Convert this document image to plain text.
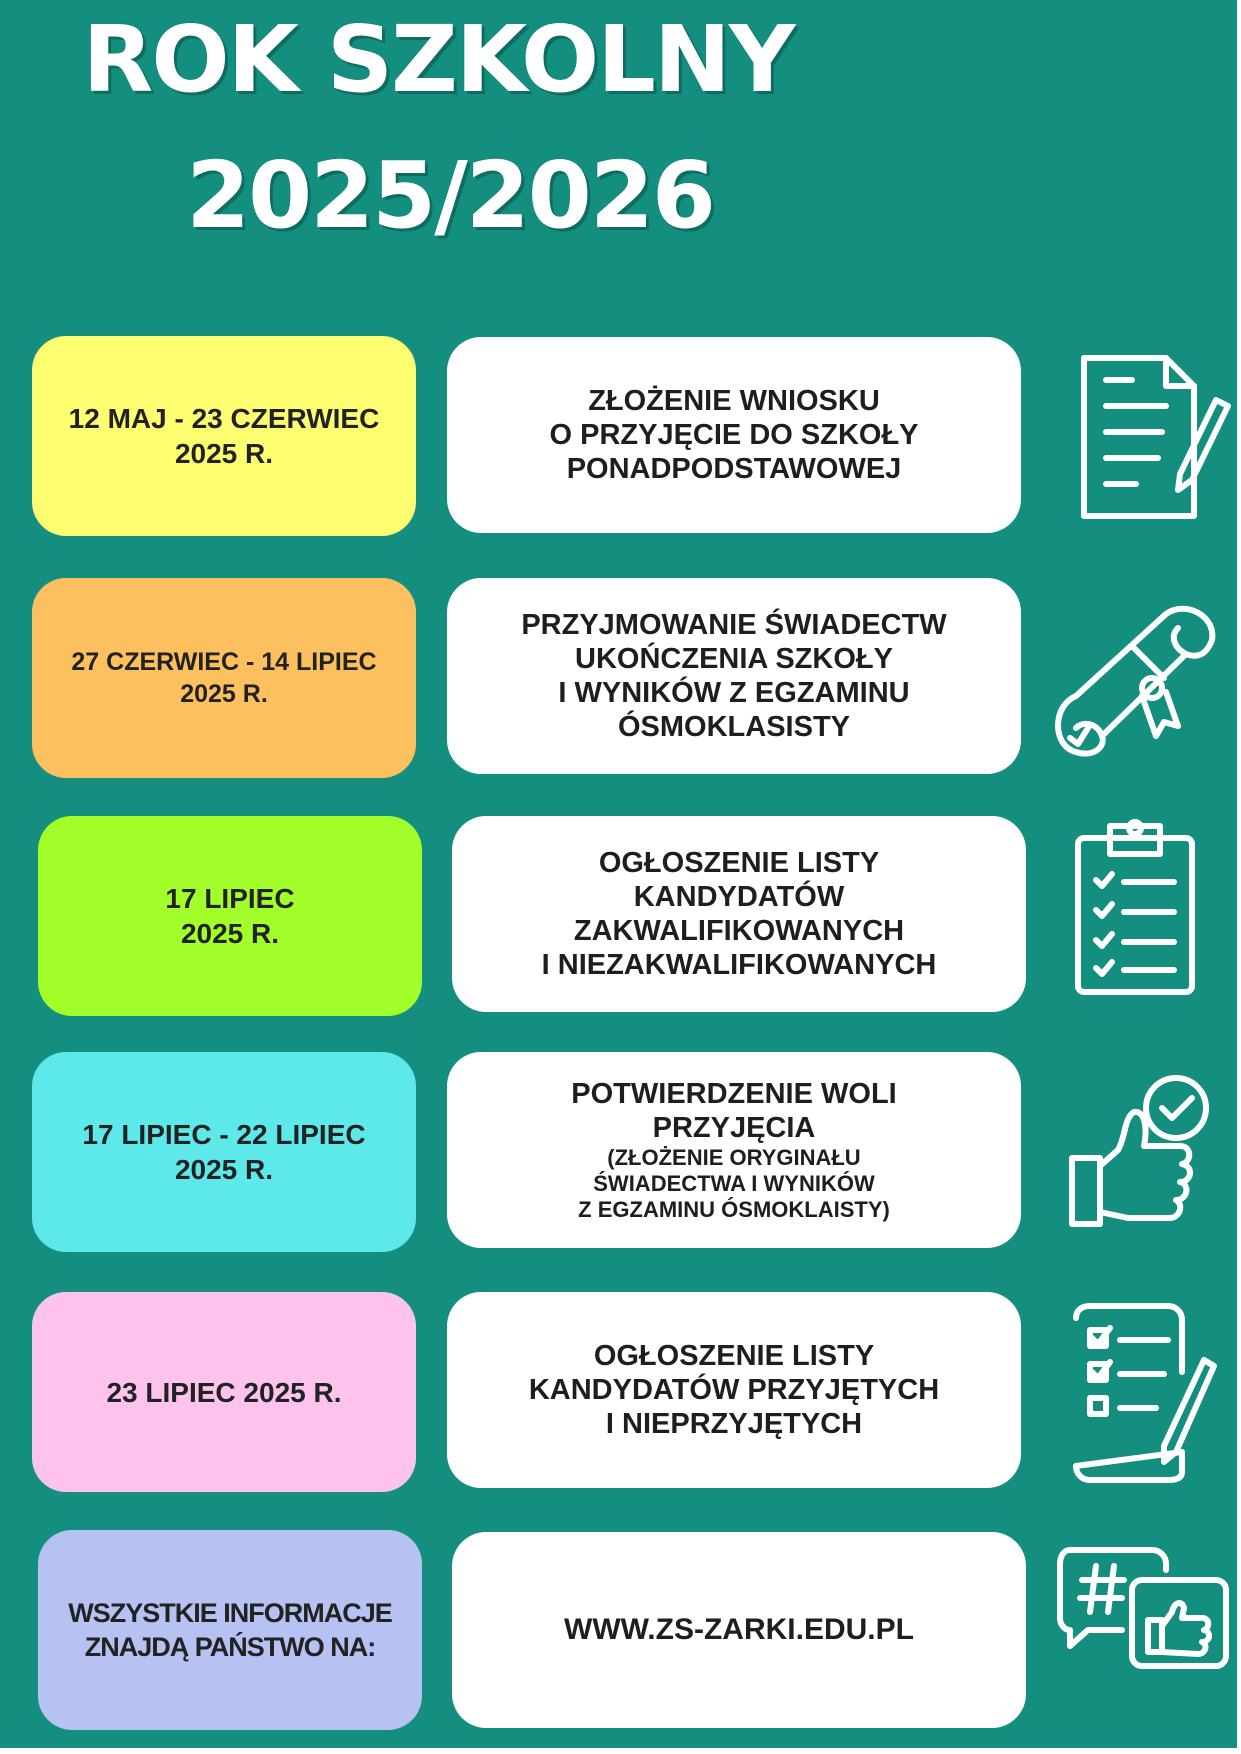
ROK SZKOLNY
2025/2026
12 MAJ - 23 CZERWIEC
2025 R.
ZŁOŻENIE WNIOSKU
O PRZYJĘCIE DO SZKOŁY
PONADPODSTAWOWEJ
27 CZERWIEC - 14 LIPIEC
2025 R.
PRZYJMOWANIE ŚWIADECTW
UKOŃCZENIA SZKOŁY
I WYNIKÓW Z EGZAMINU
ÓSMOKLASISTY
17 LIPIEC
2025 R.
OGŁOSZENIE LISTY
KANDYDATÓW
ZAKWALIFIKOWANYCH
I NIEZAKWALIFIKOWANYCH
17 LIPIEC - 22 LIPIEC
2025 R.
POTWIERDZENIE WOLI
PRZYJĘCIA
(ZŁOŻENIE ORYGINAŁU
ŚWIADECTWA I WYNIKÓW
Z EGZAMINU ÓSMOKLAISTY)
23 LIPIEC 2025 R.
OGŁOSZENIE LISTY
KANDYDATÓW PRZYJĘTYCH
I NIEPRZYJĘTYCH
WSZYSTKIE INFORMACJE
ZNAJDĄ PAŃSTWO NA:
WWW.ZS-ZARKI.EDU.PL
